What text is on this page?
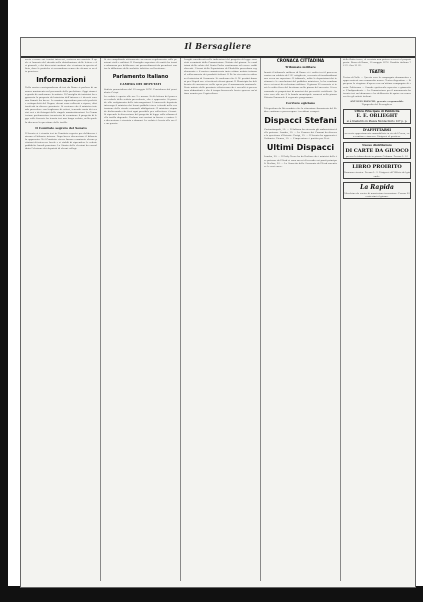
Il Bersagliere
avete a cuore voi i nostri interessi, scriveva un cronista. Il quale si lamenta del ritardo nella distribuzione delle lettere e dei giornali, e dei disservizi continui che si notano in questo ufficio, dove le pratiche si accumulano senza che alcuno se ne dia pensiero.
Informazioni
Nella nostra corrispondenza di ieri da Roma si parlava di un nuovo movimento nel personale delle prefetture. Oggi siamo in grado di confermare la notizia. Il Consiglio dei ministri ha approvato la proposta del ministro dell'interno e i decreti saranno firmati fra breve. Le nomine riguardano parecchi prefetti e sottoprefetti del Regno; alcuni sono collocati a riposo, altri trasferiti in diverse provincie. Si assicura che il ministro intende procedere con larghezza di criteri, tenendo conto dei servizi resi e dei bisogni delle singole amministrazioni. La Commissione parlamentare incaricata di esaminare il progetto di legge sulle ferrovie ha tenuto ieri una lunga seduta, nella quale fu discussa la questione delle tariffe.
Il Comitato segreto del Senato
Il Senato si è riunito ieri in Comitato segreto per deliberare intorno al bilancio interno. Dopo breve discussione il bilancio fu approvato. Nel Comitato stesso furono esaminate alcune petizioni di interesse locale e si stabilì di riprendere le sedute pubbliche lunedì prossimo. La Giunta delle elezioni ha convalidato l'elezione dei deputati di alcuni collegi.
Si sta compilando attivamente un nuovo regolamento sulle pensioni civili e militari. Il Consiglio superiore di sanità ha tenuto adunanza per deliberare sui provvedimenti da prendersi contro la diffusione delle malattie infettive nel bestiame.
Parlamento Italiano
CAMERA DEI DEPUTATI
Seduta pomeridiana del 19 maggio 1876. Presidenza del presidente Crispi.
La seduta è aperta alle ore 2 e mezzo. Si dà lettura del processo verbale della seduta precedente, che è approvato. Si procede allo svolgimento delle interrogazioni. L'onorevole deputato interroga il ministro dei lavori pubblici circa i ritardi nella costruzione delle strade comunali obbligatorie. Il ministro risponde dichiarando che farà ogni possibile per sollecitare i lavori. Si riprende la discussione del progetto di legge sulla riforma della tariffa doganale. Parlano vari oratori in favore e contro. La discussione è rinviata a domani. La seduta è levata alle ore 6 e un quarto.
Luoghi considerati nelle indicazioni del progetto di legge sono stati esaminati dalla Commissione. Notizie del giorno. Le condizioni della salute del Santo Padre continuano ad essere soddisfacenti. I lavori della Esposizione di Filadelfia procedono regolarmente e il nostro commissario invia ottime notizie intorno al collocamento dei prodotti italiani. Il Re ha ricevuto in udienza il ministro di Germania. Si conferma che S. M. partirà domani per Napoli ove si tratterrà alcuni giorni. Il Municipio ha deliberato di concorrere nella spesa per il monumento nazionale. Varie notizie delle provincie riferiscono che i raccolti si presentano abbondanti e che il tempo favorevole lascia sperare un'ottima annata per l'agricoltura.
CRONACA CITTADINA
Tribunale militare
Avanti il tribunale militare di Roma si è svolto ieri il processo contro un soldato del 10° artiglieria, accusato di insubordinazione verso un superiore. Il tribunale, udite le deposizioni dei testimoni e le conclusioni del pubblico ministero, lo ha condannato a sei mesi di reclusione militare. Il giorno 20 corrente si terrà la solita fiera del bestiame nella piazza del mercato. Si raccomanda ai proprietari di munirsi dei prescritti certificati. Questa sera alle ore 8 la banda municipale suonerà nella piazza Vittorio Emanuele il seguente programma.
Corriere egiziano
Telegrafano da Alessandria che la situazione finanziaria del Kedive continua a preoccupare i creditori europei.
Dispacci Stefani
Costantinopoli, 19. — Il Sultano ha ricevuto gli ambasciatori delle potenze. Londra, 19. — La Camera dei Comuni ha discusso la questione d'Oriente. Parigi, 19. — Il Senato ha approvato il bilancio. Vienna, 19. — L'imperatore è partito per Pest.
Ultimi Dispacci
Londra, 20. — Il Daily News ha da Berlino che i ministri delle tre potenze del Nord si sono messi d'accordo sui punti principali. Berlino, 20. — La Gazzetta della Germania del Nord smentisce le voci corse.
della flotta turca, al servizio non poteva recarsi al proprio posto. Borsa di Roma, 19 maggio 1876. Rendita italiana 76 25. Oro 21 85.
TEATRI
Teatro di Valle — Questa sera la compagnia drammatica rappresenterà una commedia nuova. Teatro Argentina — Si prepara la stagione d'opera con un'ottima compagnia di canto. Politeama — Grande spettacolo equestre e ginnastico. L'Indipendente — La Commissione per il monumento ha tenuto ieri un'adunanza e ha deliberato di aprire un concorso fra gli artisti italiani.
ANTONIO BIANCHI, gerente responsabile
Tipografia del Bersagliere
Ufficio Principale di Pubblicità
E. E. OBLIEGHT
si è trasferito in Piazza Montecitorio 127 p. p.
D'AFFITTARSI
un vasto appartamento ammobiliato in via del Corso, con cantina e rimessa. Dirigersi al portiere.
Nuovo distributore
DI CARTE DA GIUOCO
presso la tabaccheria in piazza Colonna. Prezzo L. 10
LIBRO PROIBITO
Romanzo storico. Prezzo L. 2. Dirigersi all'Ufficio del giornale.
La Rapida
Macchina da cucire di nuovissima invenzione. Prezzo 60 centesimi al giorno.
